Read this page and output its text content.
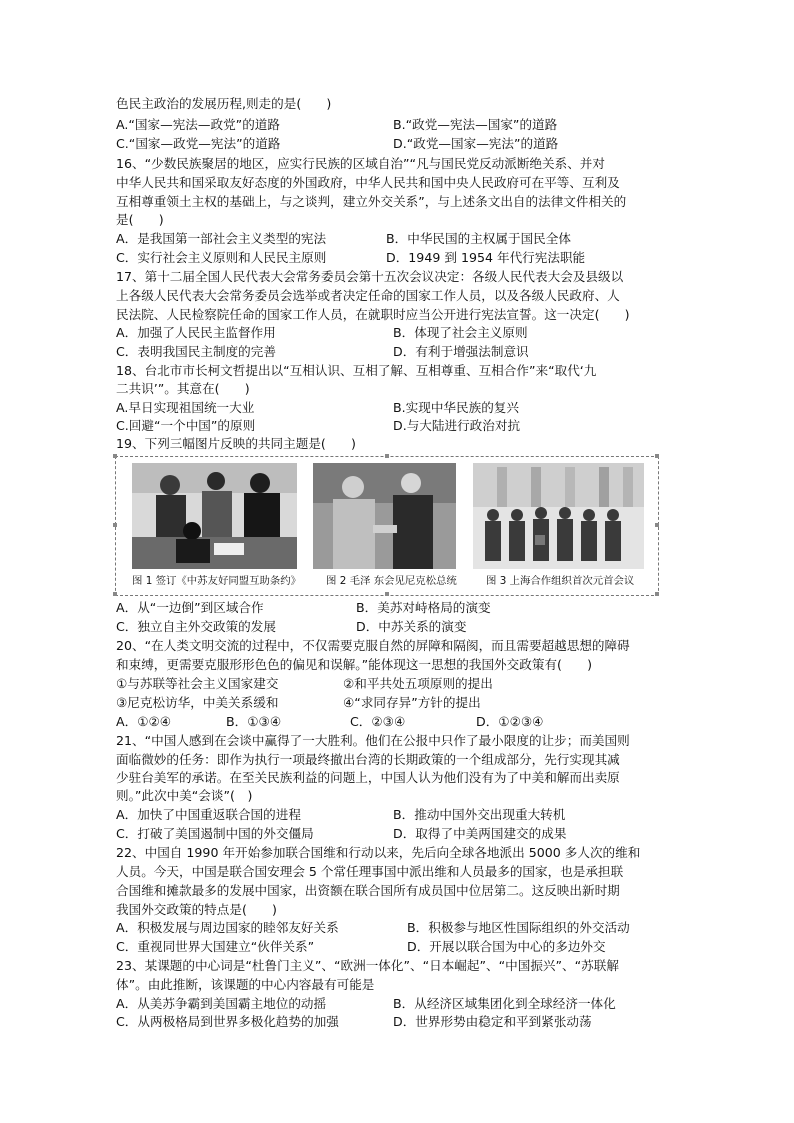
色民主政治的发展历程,则走的是(　　)
A.“国家—宪法—政党”的道路	B.“政党—宪法—国家”的道路
C.“国家—政党—宪法”的道路	D.“政党—国家—宪法”的道路
16、“少数民族聚居的地区，应实行民族的区域自治”“凡与国民党反动派断绝关系、并对
中华人民共和国采取友好态度的外国政府，中华人民共和国中央人民政府可在平等、互利及
互相尊重领土主权的基础上，与之谈判，建立外交关系”，与上述条文出自的法律文件相关的
是(　　)
A．是我国第一部社会主义类型的宪法	B．中华民国的主权属于国民全体
C．实行社会主义原则和人民民主原则	D．1949 到 1954 年代行宪法职能
17、第十二届全国人民代表大会常务委员会第十五次会议决定：各级人民代表大会及县级以
上各级人民代表大会常务委员会选举或者决定任命的国家工作人员，以及各级人民政府、人
民法院、人民检察院任命的国家工作人员，在就职时应当公开进行宪法宣誓。这一决定(　　)
A．加强了人民民主监督作用	B．体现了社会主义原则
C．表明我国民主制度的完善	D．有利于增强法制意识
18、台北市市长柯文哲提出以“互相认识、互相了解、互相尊重、互相合作”来“取代‘九
二共识’”。其意在(　　)
A.早日实现祖国统一大业	B.实现中华民族的复兴
C.回避“一个中国”的原则	D.与大陆进行政治对抗
19、下列三幅图片反映的共同主题是(　　)
图 1 签订《中苏友好同盟互助条约》 图 2 毛泽 东会见尼克松总统	图 3 上海合作组织首次元首会议
A．从“一边倒”到区域合作	B．美苏对峙格局的演变
C．独立自主外交政策的发展	D．中苏关系的演变
20、“在人类文明交流的过程中，不仅需要克服自然的屏障和隔阂，而且需要超越思想的障碍
和束缚，更需要克服形形色色的偏见和误解。”能体现这一思想的我国外交政策有(　　)
①与苏联等社会主义国家建交	②和平共处五项原则的提出
③尼克松访华，中美关系缓和	④“求同存异”方针的提出
A．①②④	B．①③④	C．②③④	D．①②③④
21、“中国人感到在会谈中赢得了一大胜利。他们在公报中只作了最小限度的让步；而美国则
面临微妙的任务：即作为执行一项最终撤出台湾的长期政策的一个组成部分，先行实现其减
少驻台美军的承诺。在至关民族利益的问题上，中国人认为他们没有为了中美和解而出卖原
则。”此次中美“会谈”(　)
A．加快了中国重返联合国的进程	B．推动中国外交出现重大转机
C．打破了美国遏制中国的外交僵局	D．取得了中美两国建交的成果
22、中国自 1990 年开始参加联合国维和行动以来，先后向全球各地派出 5000 多人次的维和
人员。今天，中国是联合国安理会 5 个常任理事国中派出维和人员最多的国家，也是承担联
合国维和摊款最多的发展中国家，出资额在联合国所有成员国中位居第二。这反映出新时期
我国外交政策的特点是(　　)
A．积极发展与周边国家的睦邻友好关系	B．积极参与地区性国际组织的外交活动
C．重视同世界大国建立“伙伴关系”	D．开展以联合国为中心的多边外交
23、某课题的中心词是“杜鲁门主义”、“欧洲一体化”、“日本崛起”、“中国振兴”、“苏联解
体”。由此推断，该课题的中心内容最有可能是
A．从美苏争霸到美国霸主地位的动摇	B．从经济区域集团化到全球经济一体化
C．从两极格局到世界多极化趋势的加强	D．世界形势由稳定和平到紧张动荡
